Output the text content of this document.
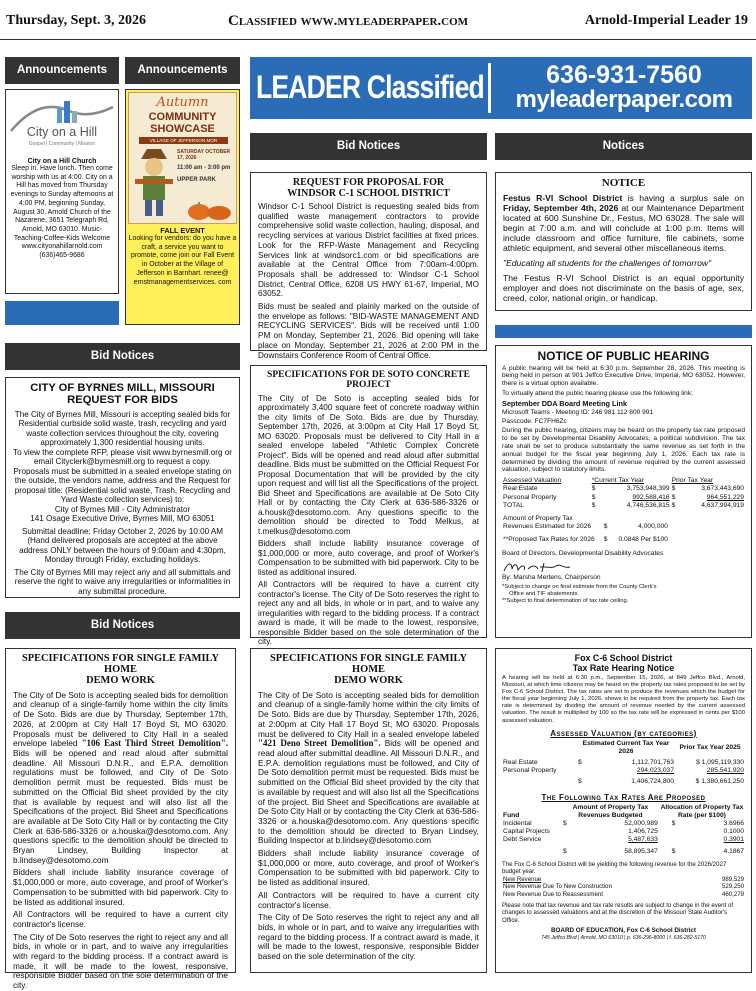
Thursday, Sept. 3, 2026	Classified www.myleaderpaper.com	Arnold-Imperial Leader 19
Announcements	Announcements LEADER Classified	636-931-7560
myleaderpaper.com
City on a Hill
Gospel | Community | Mission
City on a Hill Church
Sleep in. Have lunch. Then come worship with us at 4:00. City on a Hill has moved from Thursday evenings to Sunday afternoons at 4:00 PM, beginning Sunday, August 30. Arnold Church of the Nazarene, 3651 Telegraph Rd, Arnold, MO 63010. Music-Teaching-Coffee-Kids Welcome www.cityonahillarnold.com (636)465-9686
Autumn
COMMUNITY
SHOWCASE
VILLAGE OF JEFFERSON MOR
SATURDAY OCTOBER 17, 2026
11:00 am - 3:00 pm
UPPER PARK
FALL EVENT
Looking for vendors: do you have a craft, a service you want to promote, come join our Fall Event in October at the Village of Jefferson in Barnhart. renee@ ernstmanagementservices. com
Bid Notices	Notices
REQUEST FOR PROPOSAL FOR
WINDSOR C-1 SCHOOL DISTRICT
Windsor C-1 School District is requesting sealed bids from qualified waste management contractors to provide comprehensive solid waste collection, hauling, disposal, and recycling services at various District facilities at fixed prices. Look for the RFP-Waste Management and Recycling Services link at windsorc1.com or bid specifications are available at the Central Office from 7:00am-4:00pm. Proposals shall be addressed to: Windsor C-1 School District, Central Office, 6208 US HWY 61-67, Imperial, MO 63052.
Bids must be sealed and plainly marked on the outside of the envelope as follows: "BID-WASTE MANAGEMENT AND RECYCLING SERVICES". Bids will be received until 1:00 PM on Monday, September 21, 2026. Bid opening will take place on Monday, September 21, 2026 at 2:00 PM in the Downstairs Conference Room of Central Office.
NOTICE
Festus R-VI School District is having a surplus sale on Friday, September 4th, 2026 at our Maintenance Department located at 600 Sunshine Dr., Festus, MO 63028. The sale will begin at 7:00 a.m. and will conclude at 1:00 p.m. Items will include classroom and office furniture, file cabinets, some athletic equipment, and several other miscellaneous items.
"Educating all students for the challenges of tomorrow"
The Festus R-VI School District is an equal opportunity employer and does not discriminate on the basis of age, sex, creed, color, national origin, or handicap.
Bid Notices
CITY OF BYRNES MILL, MISSOURI
REQUEST FOR BIDS
The City of Byrnes Mill, Missouri is accepting sealed bids for Residential curbside solid waste, trash, recycling and yard waste collection services throughout the city, covering approximately 1,300 residential housing units.
To view the complete RFP, please visit www.byrnesmill.org or email Cityclerk@byrnesmill.org to request a copy.
Proposals must be submitted in a sealed envelope stating on the outside, the vendors name, address and the Request for proposal title: (Residential solid waste, Trash, Recycling and Yard Waste collection services) to:
City of Byrnes Mill - City Administrator
141 Osage Executive Drive, Byrnes Mill, MO 63051
Submittal deadline: Friday October 2, 2026 by 10:00 AM (Hand delivered proposals are accepted at the above address ONLY between the hours of 9:00am and 4:30pm, Monday through Friday, excluding holidays.
The City of Byrnes Mill may reject any and all submittals and reserve the right to waive any irregularities or informalities in any submittal procedure.
SPECIFICATIONS FOR DE SOTO CONCRETE PROJECT
The City of De Soto is accepting sealed bids for approximately 3,400 square feet of concrete roadway within the city limits of De Soto. Bids are due by Thursday, September 17th, 2026, at 3:00pm at City Hall 17 Boyd St, MO 63020. Proposals must be delivered to City Hall in a sealed envelope labeled "Athletic Complex Concrete Project". Bids will be opened and read aloud after submittal deadline. Bids must be submitted on the Official Request For Proposal Documentation that will be provided by the city upon request and will list all the Specifications of the project. Bid Sheet and Specifications are available at De Soto City Hall or by contacting the City Clerk at 636-586-3326 or a.housk@desotomo.com. Any questions specific to the demolition should be directed to Todd Melkus, at t.melkus@desotomo.com
Bidders shall include liability insurance coverage of $1,000,000 or more, auto coverage, and proof of Worker's Compensation to be submitted with bid paperwork. City to be listed as additional insured.
All Contractors will be required to have a current city contractor's license. The City of De Soto reserves the right to reject any and all bids, in whole or in part, and to waive any irregularities with regard to the bidding process. If a contract award is made, it will be made to the lowest, responsive, responsible Bidder based on the sole determination of the city.
NOTICE OF PUBLIC HEARING
A public hearing will be held at 6:30 p.m. September 28, 2026. This meeting is being held in person at 901 Jeffco Executive Drive, Imperial, MO 63052. However, there is a virtual option available.
To virtually attend the public hearing please use the following link:
September DDA Board Meeting Link
Microsoft Teams - Meeting ID: 246 981 112 800 991
Passcode: FC7FH6Zc
During the public hearing, citizens may be heard on the property tax rate proposed to be set by Developmental Disability Advocates, a political subdivision. The tax rate shall be set to produce substantially the same revenue as set forth in the annual budget for the fiscal year beginning July 1, 2026. Each tax rate is determined by dividing the amount of revenue required by the current assessed valuation, subject to statutory limits.
Assessed Valuation	*Current Tax Year		Prior Tax Year	
Real Estate	$	3,753,948,399	$	3,673,443,690
Personal Property	$	992,588,416	$	964,551,229
TOTAL	$	4,746,536,815	$	4,637,994,919
Amount of Property Tax		
Revenues Estimated for 2026	$	4,000,000

**Proposed Tax Rates for 2026	$	0.0848 Per $100
Board of Directors, Developmental Disability Advocates
By: Marsha Mertens, Chairperson
*Subject to change on final estimate from the County Clerk's
Office and TIF abatements.
**Subject to final determination of tax rate ceiling.
Bid Notices
SPECIFICATIONS FOR SINGLE FAMILY HOME
DEMO WORK
The City of De Soto is accepting sealed bids for demolition and cleanup of a single-family home within the city limits of De Soto. Bids are due by Thursday, September 17th, 2026, at 2:00pm at City Hall 17 Boyd St, MO 63020. Proposals must be delivered to City Hall in a sealed envelope labeled "106 East Third Street Demolition". Bids will be opened and read aloud after submittal deadline. All Missouri D.N.R., and E.P.A. demolition regulations must be followed, and City of De Soto demolition permit must be requested. Bids must be submitted on the Official Bid sheet provided by the city that is available by request and will also list all the Specifications of the project. Bid Sheet and Specifications are available at De Soto City Hall or by contacting the City Clerk at 636-586-3326 or a.houska@desotomo.com. Any questions specific to the demolition should be directed to Bryan Lindsey, Building Inspector at b.lindsey@desotomo.com
Bidders shall include liability insurance coverage of $1,000,000 or more, auto coverage, and proof of Worker's Compensation to be submitted with bid paperwork. City to be listed as additional insured.
All Contractors will be required to have a current city contractor's license.
The City of De Soto reserves the right to reject any and all bids, in whole or in part, and to waive any irregularities with regard to the bidding process. If a contract award is made, it will be made to the lowest, responsive, responsible Bidder based on the sole determination of the city.
SPECIFICATIONS FOR SINGLE FAMILY HOME
DEMO WORK
The City of De Soto is accepting sealed bids for demolition and cleanup of a single-family home within the city limits of De Soto. Bids are due by Thursday, September 17th, 2026, at 2:00pm at City Hall 17 Boyd St, MO 63020. Proposals must be delivered to City Hall in a sealed envelope labeled "421 Deno Street Demolition". Bids will be opened and read aloud after submittal deadline. All Missouri D.N.R., and E.P.A. demolition regulations must be followed, and City of De Soto demolition permit must be requested. Bids must be submitted on the Official Bid sheet provided by the city that is available by request and will also list all the Specifications of the project. Bid Sheet and Specifications are available at De Soto City Hall or by contacting the City Clerk at 636-586-3326 or a.houska@desotomo.com. Any questions specific to the demolition should be directed to Bryan Lindsey, Building Inspector at b.lindsey@desotomo.com
Bidders shall include liability insurance coverage of $1,000,000 or more, auto coverage, and proof of Worker's Compensation to be submitted with bid paperwork. City to be listed as additional insured.
All Contractors will be required to have a current city contractor's license.
The City of De Soto reserves the right to reject any and all bids, in whole or in part, and to waive any irregularities with regard to the bidding process. If a contract award is made, it will be made to the lowest, responsive, responsible Bidder based on the sole determination of the city.
Fox C-6 School District
Tax Rate Hearing Notice
A hearing will be held at 6:30 p.m., September 15, 2026, at 849 Jeffco Blvd., Arnold, Missouri, at which time citizens may be heard on the property tax rates proposed to be set by Fox C-6 School District. The tax rates are set to produce the revenues which the budget for the fiscal year beginning July 1, 2026, shows to be required from the property tax. Each tax rate is determined by dividing the amount of revenue needed by the current assessed valuation. The result is multiplied by 100 so the tax rate will be expressed in cents per $100 assessed valuation.
Assessed Valuation (by categories)
	Estimated Current Tax Year 2026		Prior Tax Year 2025

Real Estate	$	1,112,701,763	$ 1,095,119,330
Personal Property		294,023,037	285,541,920

	$	1,406,724,800	$ 1,380,661,250
The Following Tax Rates Are Proposed
Fund	Amount of Property Tax Revenues Budgeted		Allocation of Property Tax Rate (per $100)	
Incidental	$	52,000,989	$	3.6966
Capital Projects		1,406,725		0.1000
Debt Service		5,487,633		0.3901

	$	58,895,347	$	4.1867
The Fox C-6 School District will be yielding the following revenue for the 2026/2027 budget year.
New Revenue	989,529
New Revenue Due To New Construction	529,250
New Revenue Due to Reassessment	460,279
Please note that tax revenue and tax rate results are subject to change in the event of changes to assessed valuations and at the discretion of the Missouri State Auditor's Office.
BOARD OF EDUCATION, Fox C-6 School District
745 Jeffco Blvd | Arnold, MO 63010 | p. 636-296-8000 | f. 636-282-5170
